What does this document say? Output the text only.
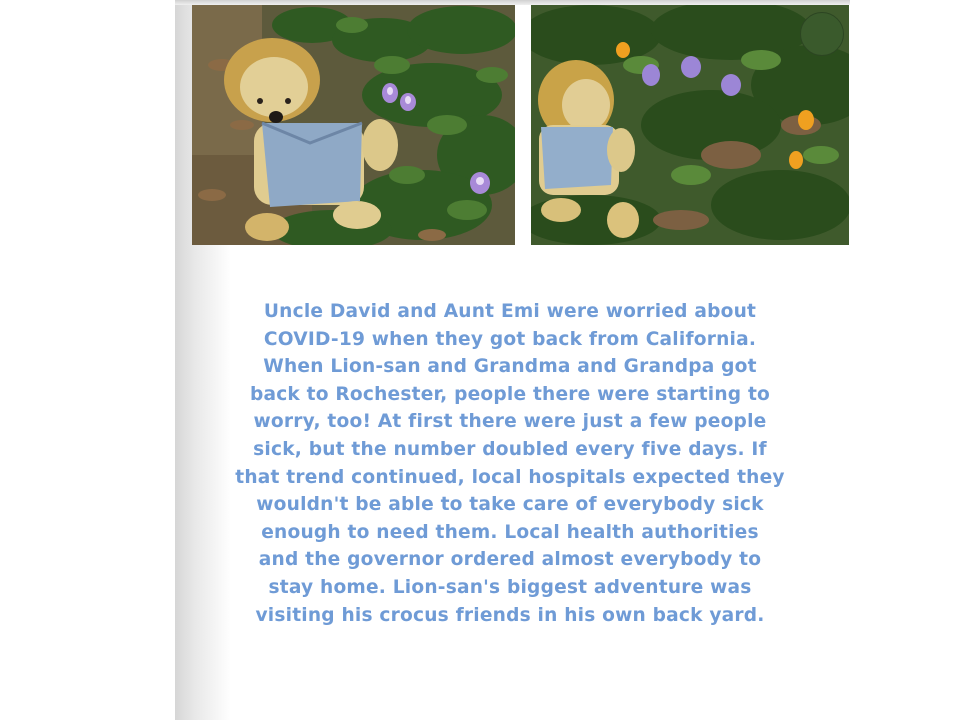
Uncle David and Aunt Emi were worried about
COVID-19 when they got back from California.
When Lion-san and Grandma and Grandpa got
back to Rochester, people there were starting to
worry, too! At first there were just a few people
sick, but the number doubled every five days. If
that trend continued, local hospitals expected they
wouldn't be able to take care of everybody sick
enough to need them. Local health authorities
and the governor ordered almost everybody to
stay home. Lion-san's biggest adventure was
visiting his crocus friends in his own back yard.
